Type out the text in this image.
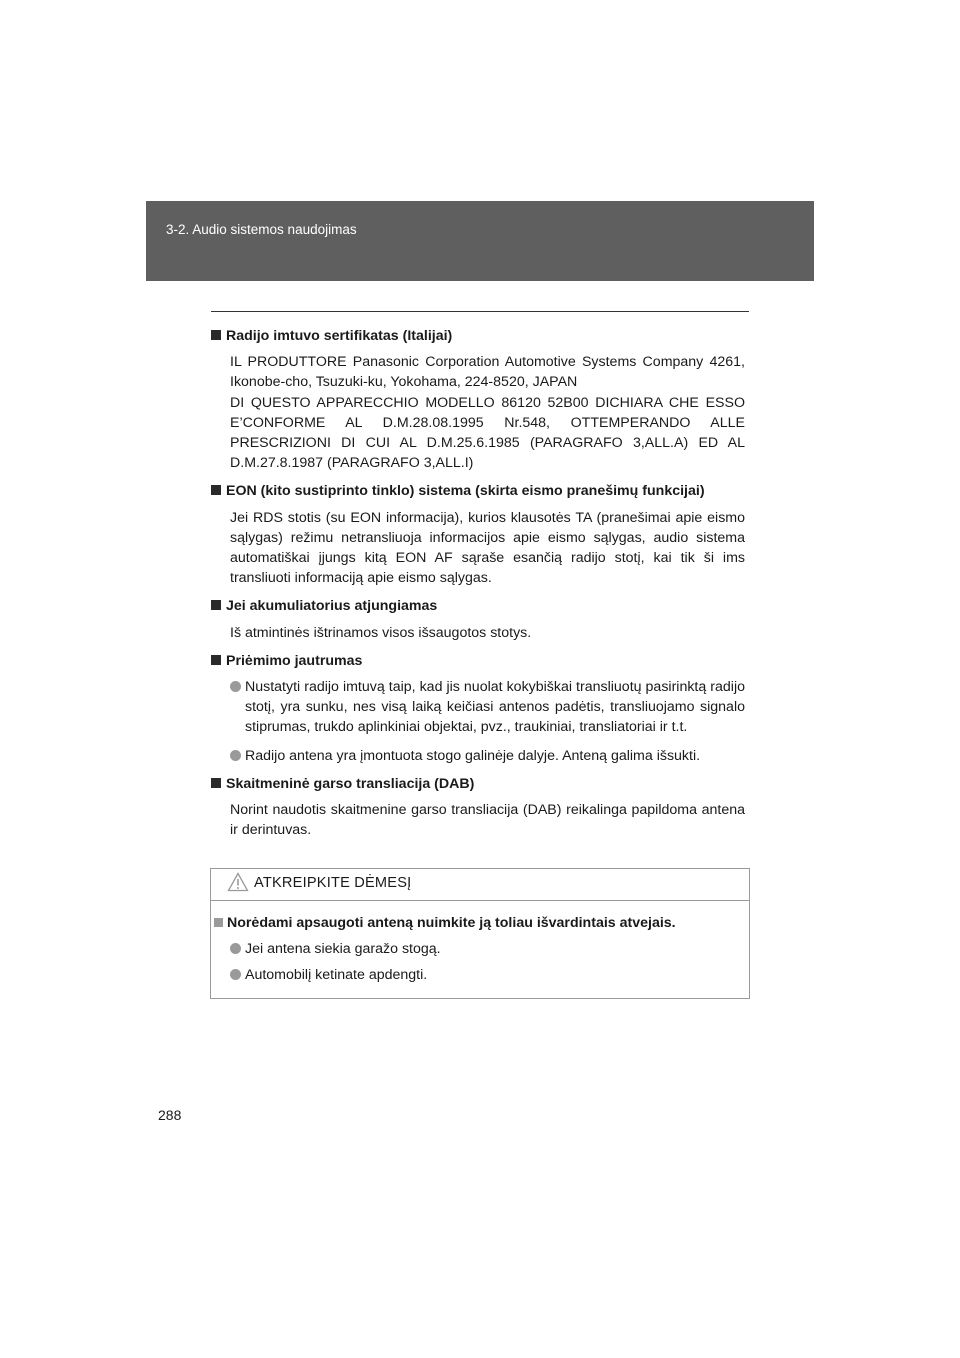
3-2. Audio sistemos naudojimas
Radijo imtuvo sertifikatas (Italijai)

IL PRODUTTORE Panasonic Corporation Automotive Systems Company 4261, Ikonobe-cho, Tsuzuki-ku, Yokohama, 224-8520, JAPAN

DI QUESTO APPARECCHIO MODELLO 86120 52B00 DICHIARA CHE ESSO E’CONFORME AL D.M.28.08.1995 Nr.548, OTTEMPERANDO ALLE PRESCRIZIONI DI CUI AL D.M.25.6.1985 (PARAGRAFO 3,ALL.A) ED AL D.M.27.8.1987 (PARAGRAFO 3,ALL.I)

EON (kito sustiprinto tinklo) sistema (skirta eismo pranešimų funkcijai)

Jei RDS stotis (su EON informacija), kurios klausotės TA (pranešimai apie eismo sąlygas) režimu netransliuoja informacijos apie eismo sąlygas, audio sistema automatiškai įjungs kitą EON AF sąraše esančią radijo stotį, kai tik ši ims transliuoti informaciją apie eismo sąlygas.

Jei akumuliatorius atjungiamas

Iš atmintinės ištrinamos visos išsaugotos stotys.

Priėmimo jautrumas
Nustatyti radijo imtuvą taip, kad jis nuolat kokybiškai transliuotų pasirinktą radijo stotį, yra sunku, nes visą laiką keičiasi antenos padėtis, transliuojamo signalo stiprumas, trukdo aplinkiniai objektai, pvz., traukiniai, transliatoriai ir t.t.
Radijo antena yra įmontuota stogo galinėje dalyje. Anteną galima išsukti.
Skaitmeninė garso transliacija (DAB)

Norint naudotis skaitmenine garso transliacija (DAB) reikalinga papildoma antena ir derintuvas.

ATKREIPKITE DĖMESĮ
Norėdami apsaugoti anteną nuimkite ją toliau išvardintais atvejais.
Jei antena siekia garažo stogą.
Automobilį ketinate apdengti.
288
